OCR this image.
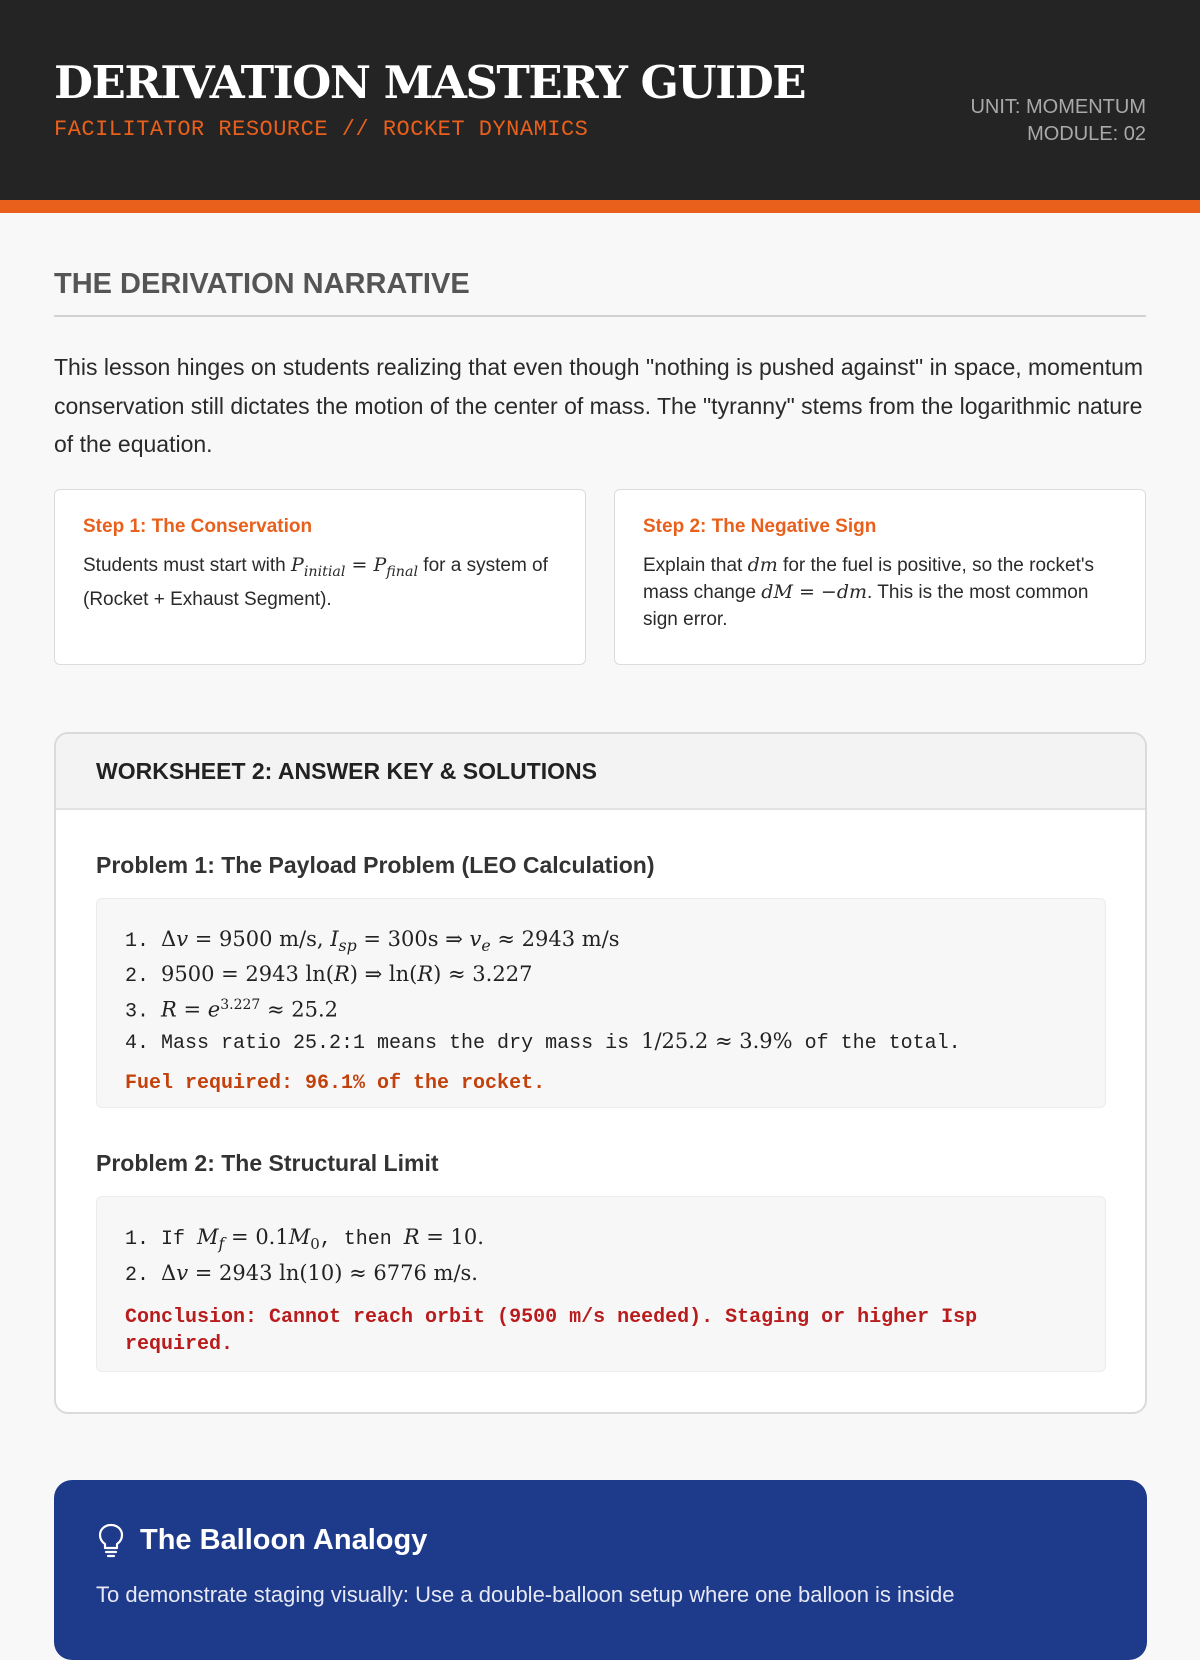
DERIVATION MASTERY GUIDE
FACILITATOR RESOURCE // ROCKET DYNAMICS
UNIT: MOMENTUM
MODULE: 02
THE DERIVATION NARRATIVE
This lesson hinges on students realizing that even though "nothing is pushed against" in space, momentum conservation still dictates the motion of the center of mass. The "tyranny" stems from the logarithmic nature of the equation.
Step 1: The Conservation
Students must start with $P_{initial} = P_{final}$ for a system of (Rocket + Exhaust Segment).
Step 2: The Negative Sign
Explain that dm for the fuel is positive, so the rocket's mass change dM = −dm. This is the most common sign error.
WORKSHEET 2: ANSWER KEY & SOLUTIONS
Problem 1: The Payload Problem (LEO Calculation)
1. Δv = 9500 m/s, $I_{sp} = 300s$ ⇒ $v_e \approx 2943$ m/s
2. 9500 = 2943 ln(R) ⇒ ln(R) ≈ 3.227
3. $R = e^{3.227} \approx 25.2$
4. Mass ratio 25.2:1 means the dry mass is 1/25.2 ≈ 3.9% of the total.
Fuel required: 96.1% of the rocket.
Problem 2: The Structural Limit
1. If $M_f = 0.1M_0$, then R = 10.
2. Δv = 2943 ln(10) ≈ 6776 m/s.
Conclusion: Cannot reach orbit (9500 m/s needed). Staging or higher Isp required.
The Balloon Analogy
To demonstrate staging visually: Use a double-balloon setup where one balloon is inside
